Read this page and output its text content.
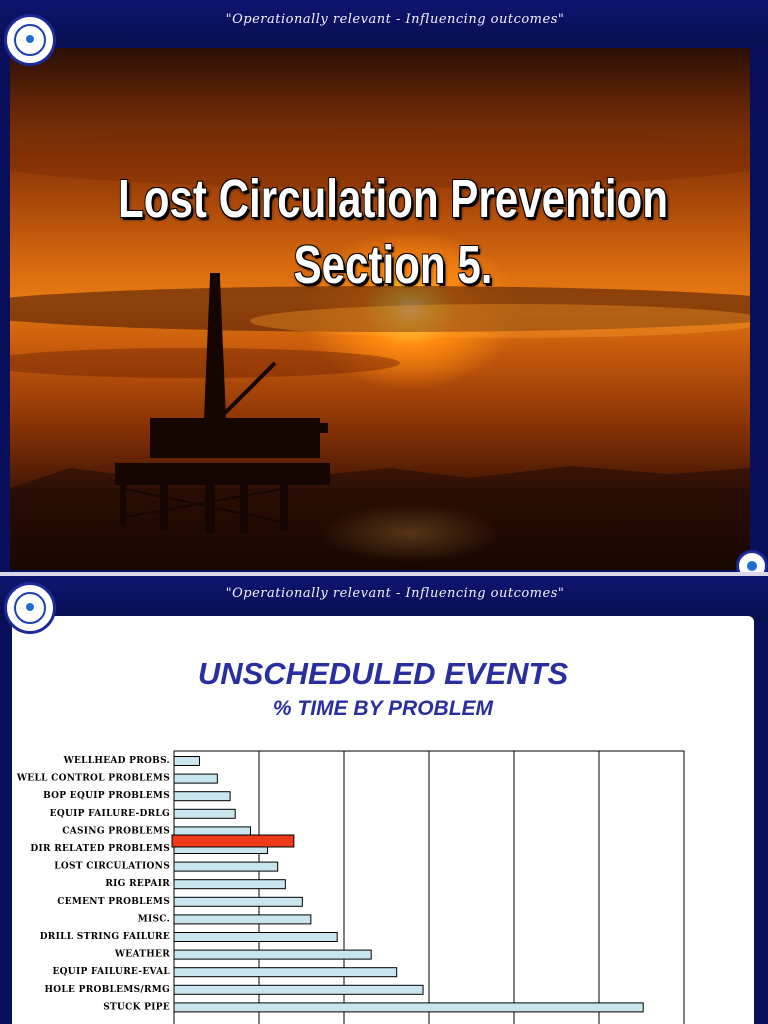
"Operationally relevant - Influencing outcomes"
Lost Circulation Prevention
Section 5.
"Operationally relevant - Influencing outcomes"
UNSCHEDULED EVENTS
% TIME BY PROBLEM
WELLHEAD PROBS.
WELL CONTROL PROBLEMS
BOP EQUIP PROBLEMS
EQUIP FAILURE-DRLG
CASING PROBLEMS
DIR RELATED PROBLEMS
LOST CIRCULATIONS
RIG REPAIR
CEMENT PROBLEMS
MISC.
DRILL STRING FAILURE
WEATHER
EQUIP FAILURE-EVAL
HOLE PROBLEMS/RMG
STUCK PIPE
